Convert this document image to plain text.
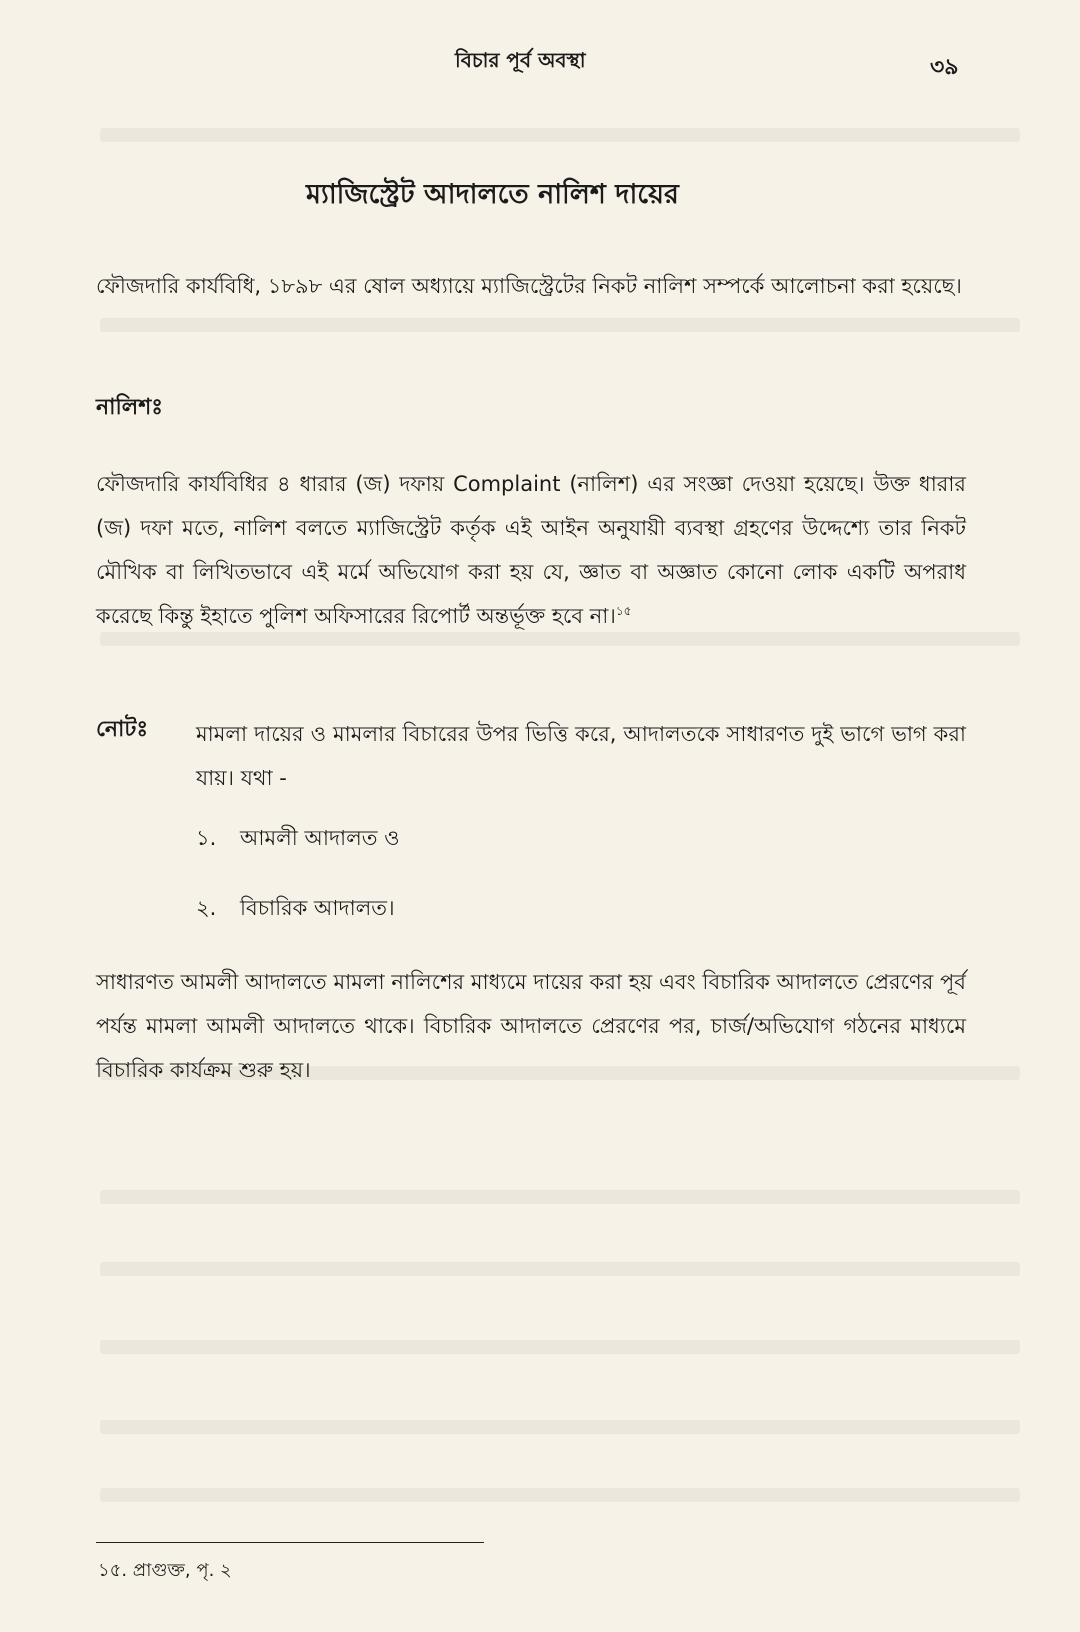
বিচার পূর্ব অবস্থা	৩৯
ম্যাজিস্ট্রেট আদালতে নালিশ দায়ের
ফৌজদারি কার্যবিধি, ১৮৯৮ এর ষোল অধ্যায়ে ম্যাজিস্ট্রেটের নিকট নালিশ সম্পর্কে আলোচনা করা হয়েছে।
নালিশঃ
ফৌজদারি কার্যবিধির ৪ ধারার (জ) দফায় Complaint (নালিশ) এর সংজ্ঞা দেওয়া হয়েছে। উক্ত ধারার (জ) দফা মতে, নালিশ বলতে ম্যাজিস্ট্রেট কর্তৃক এই আইন অনুযায়ী ব্যবস্থা গ্রহণের উদ্দেশ্যে তার নিকট মৌখিক বা লিখিতভাবে এই মর্মে অভিযোগ করা হয় যে, জ্ঞাত বা অজ্ঞাত কোনো লোক একটি অপরাধ করেছে কিন্তু ইহাতে পুলিশ অফিসারের রিপোর্ট অন্তর্ভূক্ত হবে না।$^{১৫}$
নোটঃ মামলা দায়ের ও মামলার বিচারের উপর ভিত্তি করে, আদালতকে সাধারণত দুই ভাগে ভাগ করা যায়। যথা -
১. আমলী আদালত ও
২. বিচারিক আদালত।
সাধারণত আমলী আদালতে মামলা নালিশের মাধ্যমে দায়ের করা হয় এবং বিচারিক আদালতে প্রেরণের পূর্ব পর্যন্ত মামলা আমলী আদালতে থাকে। বিচারিক আদালতে প্রেরণের পর, চার্জ/অভিযোগ গঠনের মাধ্যমে বিচারিক কার্যক্রম শুরু হয়।
১৫. প্রাগুক্ত, পৃ. ২
